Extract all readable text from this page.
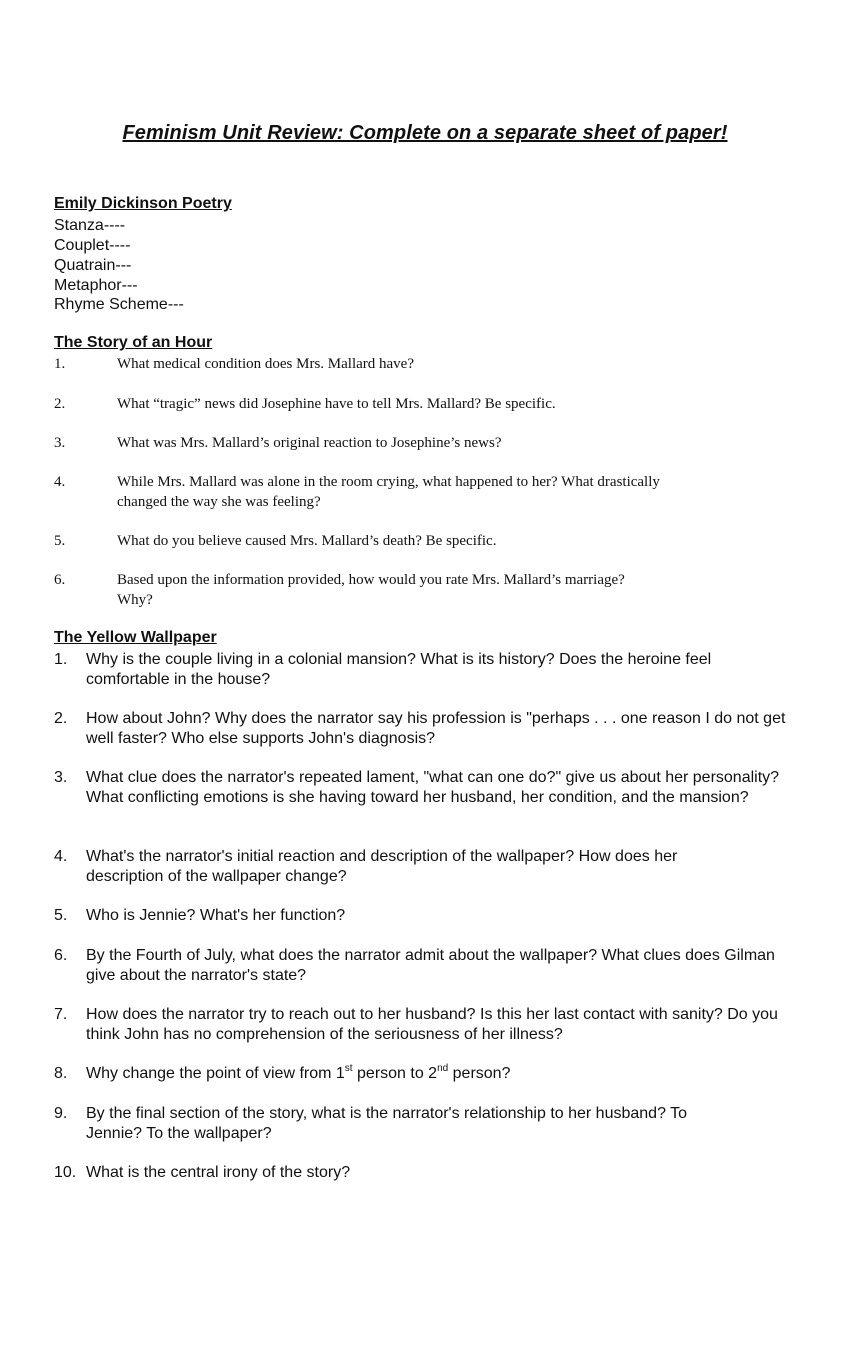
Feminism Unit Review: Complete on a separate sheet of paper!
Emily Dickinson Poetry
Stanza----
Couplet----
Quatrain---
Metaphor---
Rhyme Scheme---
The Story of an Hour
1.	What medical condition does Mrs. Mallard have?
2.	What “tragic” news did Josephine have to tell Mrs. Mallard? Be specific.
3.	What was Mrs. Mallard’s original reaction to Josephine’s news?
4.	While Mrs. Mallard was alone in the room crying, what happened to her? What drastically changed the way she was feeling?
5.	What do you believe caused Mrs. Mallard’s death? Be specific.
6.	Based upon the information provided, how would you rate Mrs. Mallard’s marriage? Why?
The Yellow Wallpaper
1.	Why is the couple living in a colonial mansion? What is its history? Does the heroine feel comfortable in the house?
2.	How about John? Why does the narrator say his profession is "perhaps . . . one reason I do not get well faster? Who else supports John's diagnosis?
3.	What clue does the narrator's repeated lament, "what can one do?" give us about her personality? What conflicting emotions is she having toward her husband, her condition, and the mansion?
4.	What's the narrator's initial reaction and description of the wallpaper? How does her description of the wallpaper change?
5.	Who is Jennie? What's her function?
6.	By the Fourth of July, what does the narrator admit about the wallpaper? What clues does Gilman give about the narrator's state?
7.	How does the narrator try to reach out to her husband? Is this her last contact with sanity? Do you think John has no comprehension of the seriousness of her illness?
8.	Why change the point of view from 1st person to 2nd person?
9.	By the final section of the story, what is the narrator's relationship to her husband? To Jennie? To the wallpaper?
10. What is the central irony of the story?
